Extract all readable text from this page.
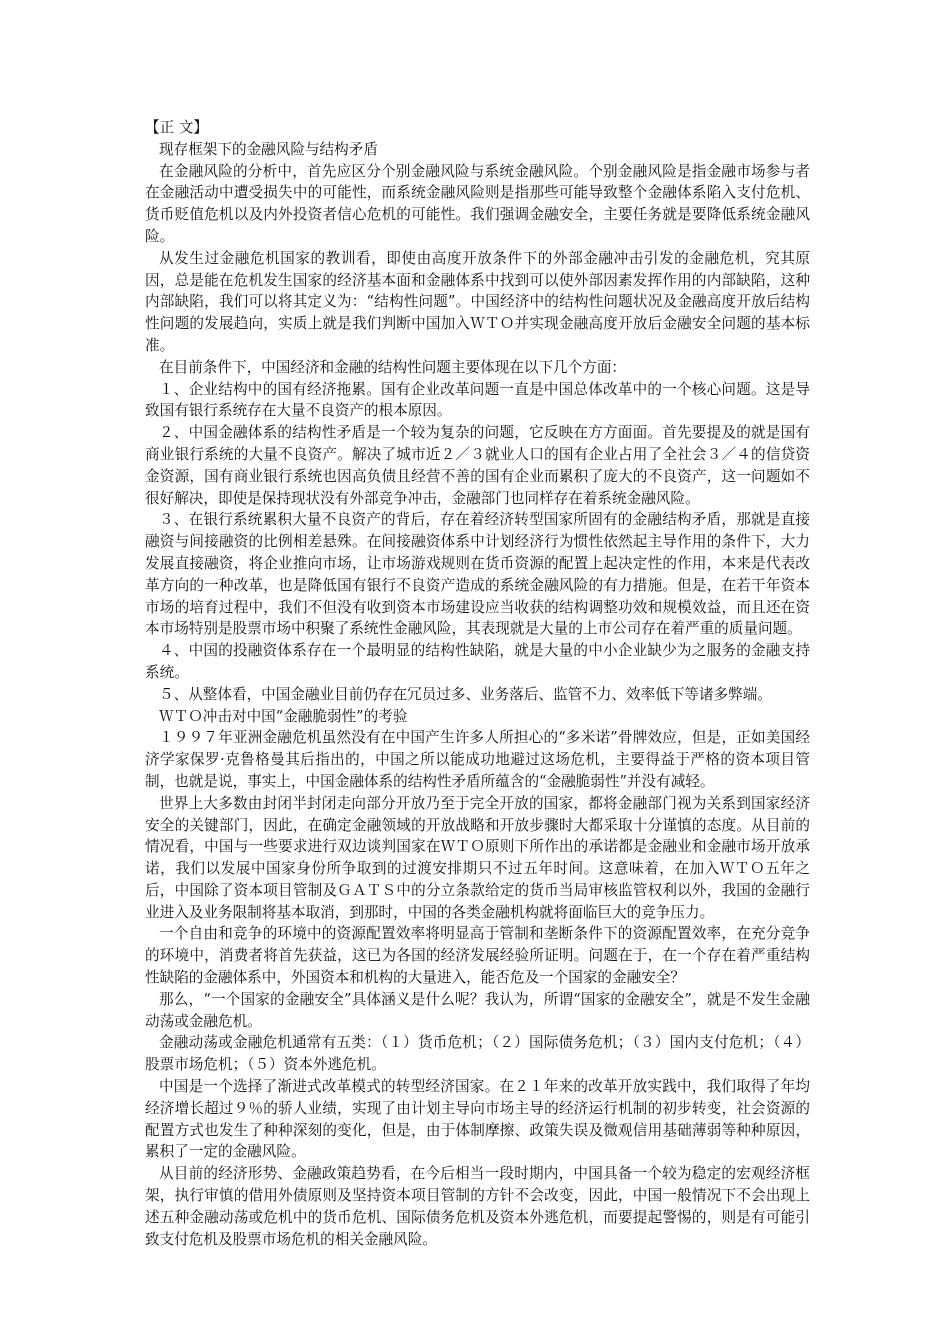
【正 文】

现存框架下的金融风险与结构矛盾

在金融风险的分析中，首先应区分个别金融风险与系统金融风险。个别金融风险是指金融市场参与者在金融活动中遭受损失中的可能性，而系统金融风险则是指那些可能导致整个金融体系陷入支付危机、货币贬值危机以及内外投资者信心危机的可能性。我们强调金融安全，主要任务就是要降低系统金融风险。

从发生过金融危机国家的教训看，即使由高度开放条件下的外部金融冲击引发的金融危机，究其原因，总是能在危机发生国家的经济基本面和金融体系中找到可以使外部因素发挥作用的内部缺陷，这种内部缺陷，我们可以将其定义为：“结构性问题”。中国经济中的结构性问题状况及金融高度开放后结构性问题的发展趋向，实质上就是我们判断中国加入ＷＴＯ并实现金融高度开放后金融安全问题的基本标准。

在目前条件下，中国经济和金融的结构性问题主要体现在以下几个方面：

１、企业结构中的国有经济拖累。国有企业改革问题一直是中国总体改革中的一个核心问题。这是导致国有银行系统存在大量不良资产的根本原因。

２、中国金融体系的结构性矛盾是一个较为复杂的问题，它反映在方方面面。首先要提及的就是国有商业银行系统的大量不良资产。解决了城市近２／３就业人口的国有企业占用了全社会３／４的信贷资金资源，国有商业银行系统也因高负债且经营不善的国有企业而累积了庞大的不良资产，这一问题如不很好解决，即使是保持现状没有外部竞争冲击，金融部门也同样存在着系统金融风险。

３、在银行系统累积大量不良资产的背后，存在着经济转型国家所固有的金融结构矛盾，那就是直接融资与间接融资的比例相差悬殊。在间接融资体系中计划经济行为惯性依然起主导作用的条件下，大力发展直接融资，将企业推向市场，让市场游戏规则在货币资源的配置上起决定性的作用，本来是代表改革方向的一种改革，也是降低国有银行不良资产造成的系统金融风险的有力措施。但是，在若干年资本市场的培育过程中，我们不但没有收到资本市场建设应当收获的结构调整功效和规模效益，而且还在资本市场特别是股票市场中积聚了系统性金融风险，其表现就是大量的上市公司存在着严重的质量问题。

４、中国的投融资体系存在一个最明显的结构性缺陷，就是大量的中小企业缺少为之服务的金融支持系统。

５、从整体看，中国金融业目前仍存在冗员过多、业务落后、监管不力、效率低下等诸多弊端。

ＷＴＯ冲击对中国“金融脆弱性”的考验

１９９７年亚洲金融危机虽然没有在中国产生许多人所担心的“多米诺”骨牌效应，但是，正如美国经济学家保罗·克鲁格曼其后指出的，中国之所以能成功地避过这场危机，主要得益于严格的资本项目管制，也就是说，事实上，中国金融体系的结构性矛盾所蕴含的“金融脆弱性”并没有减轻。

世界上大多数由封闭半封闭走向部分开放乃至于完全开放的国家，都将金融部门视为关系到国家经济安全的关键部门，因此，在确定金融领域的开放战略和开放步骤时大都采取十分谨慎的态度。从目前的情况看，中国与一些要求进行双边谈判国家在ＷＴＯ原则下所作出的承诺都是金融业和金融市场开放承诺，我们以发展中国家身份所争取到的过渡安排期只不过五年时间。这意味着，在加入ＷＴＯ五年之后，中国除了资本项目管制及ＧＡＴＳ中的分立条款给定的货币当局审核监管权利以外，我国的金融行业进入及业务限制将基本取消，到那时，中国的各类金融机构就将面临巨大的竞争压力。

一个自由和竞争的环境中的资源配置效率将明显高于管制和垄断条件下的资源配置效率，在充分竞争的环境中，消费者将首先获益，这已为各国的经济发展经验所证明。问题在于，在一个存在着严重结构性缺陷的金融体系中，外国资本和机构的大量进入，能否危及一个国家的金融安全？

那么，“一个国家的金融安全”具体涵义是什么呢？我认为，所谓“国家的金融安全”，就是不发生金融动荡或金融危机。

金融动荡或金融危机通常有五类：（１）货币危机；（２）国际债务危机；（３）国内支付危机；（４）股票市场危机；（５）资本外逃危机。

中国是一个选择了渐进式改革模式的转型经济国家。在２１年来的改革开放实践中，我们取得了年均经济增长超过９％的骄人业绩，实现了由计划主导向市场主导的经济运行机制的初步转变，社会资源的配置方式也发生了种种深刻的变化，但是，由于体制摩擦、政策失误及微观信用基础薄弱等种种原因，累积了一定的金融风险。

从目前的经济形势、金融政策趋势看，在今后相当一段时期内，中国具备一个较为稳定的宏观经济框架，执行审慎的借用外债原则及坚持资本项目管制的方针不会改变，因此，中国一般情况下不会出现上述五种金融动荡或危机中的货币危机、国际债务危机及资本外逃危机，而要提起警惕的，则是有可能引致支付危机及股票市场危机的相关金融风险。
